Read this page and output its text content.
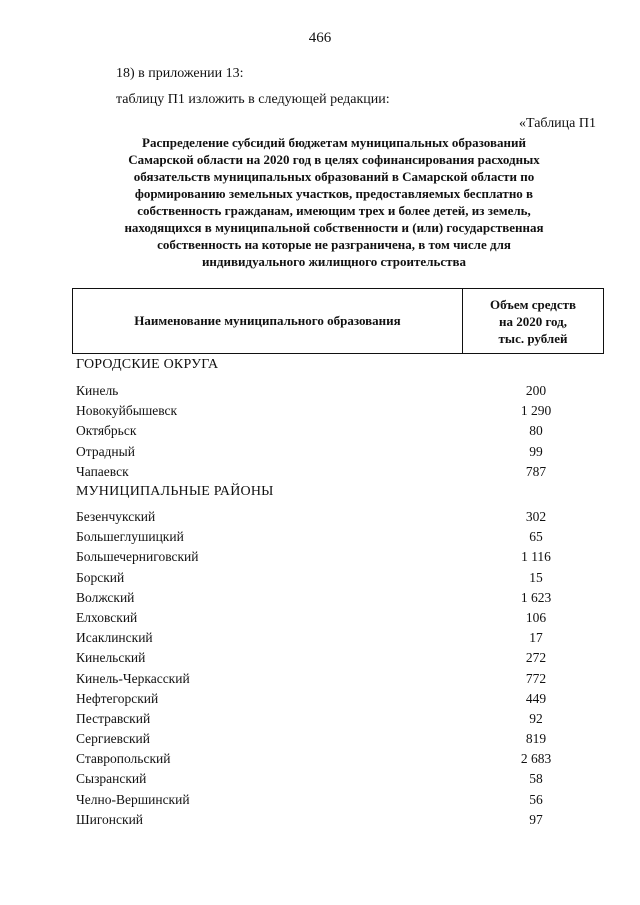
466
18) в приложении 13:
таблицу П1 изложить в следующей редакции:
«Таблица П1
Распределение субсидий бюджетам муниципальных образований
Самарской области на 2020 год в целях софинансирования расходных
обязательств муниципальных образований в Самарской области по
формированию земельных участков, предоставляемых бесплатно в
собственность гражданам, имеющим трех и более детей, из земель,
находящихся в муниципальной собственности и (или) государственная
собственность на которые не разграничена, в том числе для
индивидуального жилищного строительства
Наименование муниципального образования
Объем средств
на 2020 год,
тыс. рублей
ГОРОДСКИЕ ОКРУГА
Кинель	200
Новокуйбышевск	1 290
Октябрьск	80
Отрадный	99
Чапаевск	787
МУНИЦИПАЛЬНЫЕ РАЙОНЫ
Безенчукский	302
Большеглушицкий	65
Большечерниговский	1 116
Борский	15
Волжский	1 623
Елховский	106
Исаклинский	17
Кинельский	272
Кинель-Черкасский	772
Нефтегорский	449
Пестравский	92
Сергиевский	819
Ставропольский	2 683
Сызранский	58
Челно-Вершинский	56
Шигонский	97
